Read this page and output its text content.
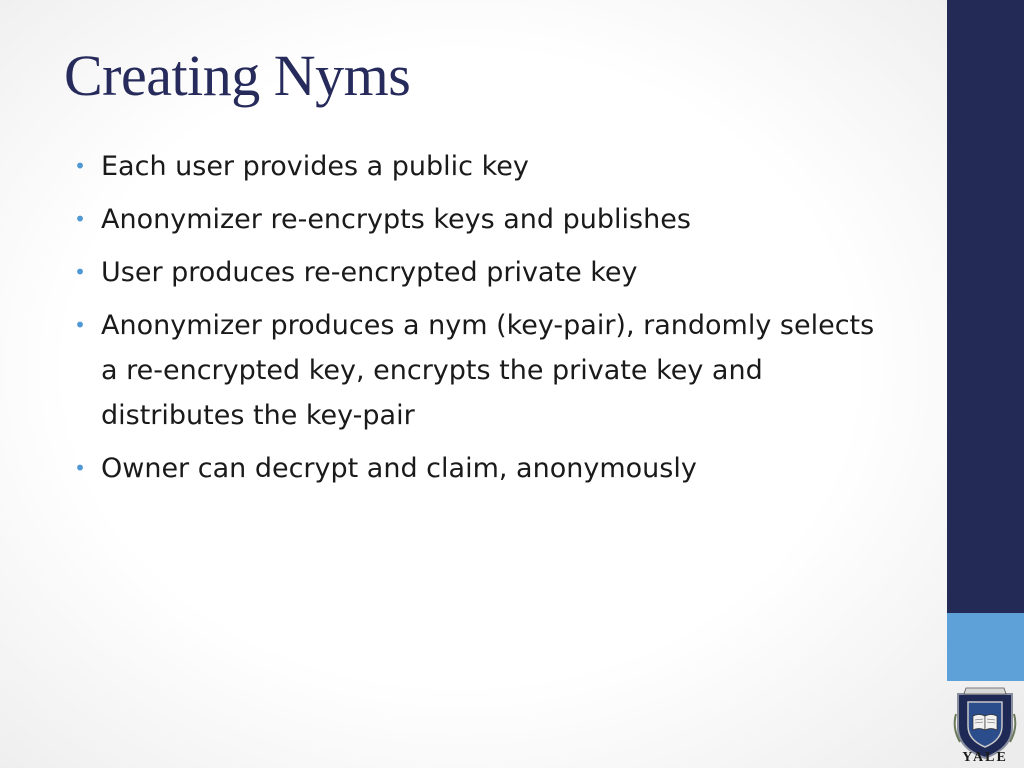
Creating Nyms
• Each user provides a public key
• Anonymizer re-encrypts keys and publishes
• User produces re-encrypted private key
• Anonymizer produces a nym (key-pair), randomly selects a re-encrypted key, encrypts the private key and distributes the key-pair
• Owner can decrypt and claim, anonymously
YALE
